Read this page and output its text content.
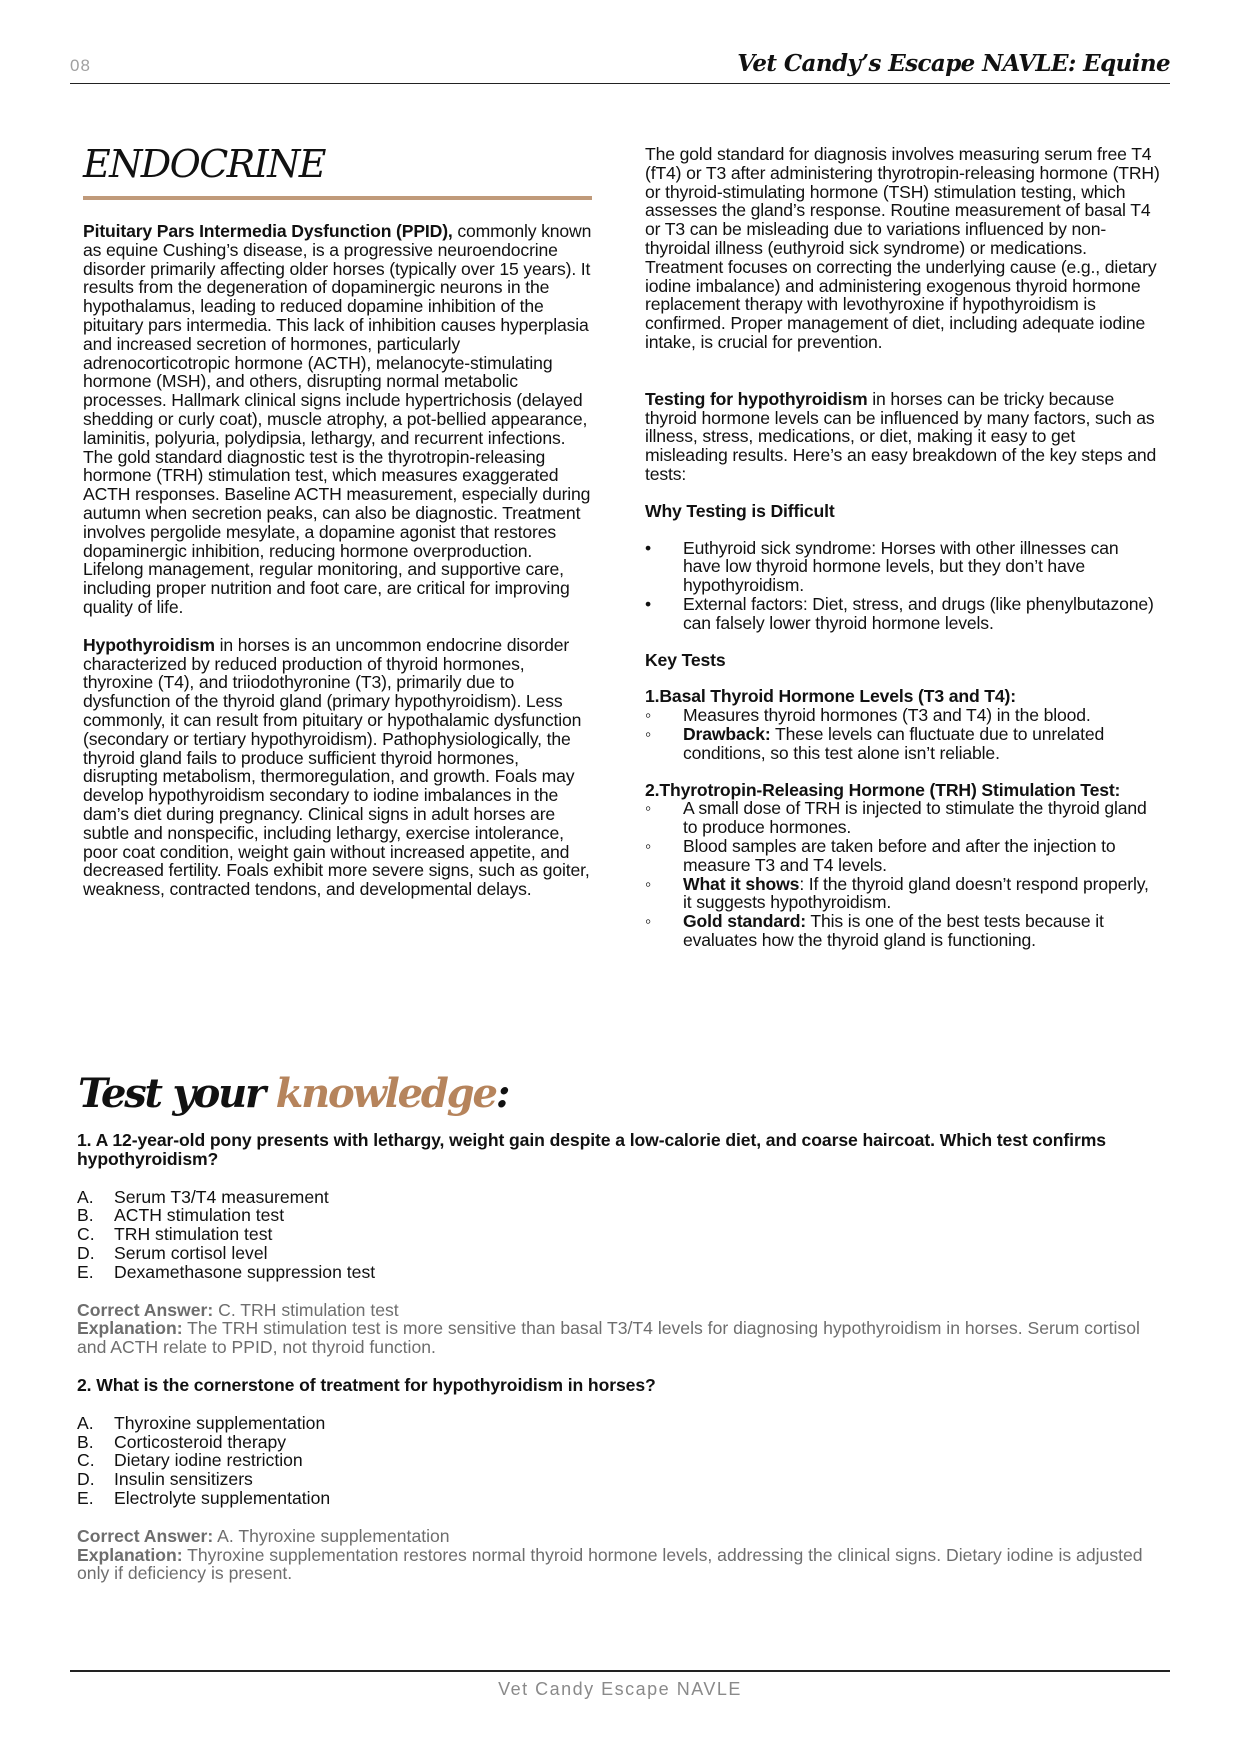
08	Vet Candy’s Escape NAVLE: Equine
ENDOCRINE

Pituitary Pars Intermedia Dysfunction (PPID), commonly known as equine Cushing’s disease, is a progressive neuroendocrine disorder primarily affecting older horses (typically over 15 years). It results from the degeneration of dopaminergic neurons in the hypothalamus, leading to reduced dopamine inhibition of the pituitary pars intermedia. This lack of inhibition causes hyperplasia and increased secretion of hormones, particularly adrenocorticotropic hormone (ACTH), melanocyte-stimulating hormone (MSH), and others, disrupting normal metabolic processes. Hallmark clinical signs include hypertrichosis (delayed shedding or curly coat), muscle atrophy, a pot-bellied appearance, laminitis, polyuria, polydipsia, lethargy, and recurrent infections. The gold standard diagnostic test is the thyrotropin-releasing hormone (TRH) stimulation test, which measures exaggerated ACTH responses. Baseline ACTH measurement, especially during autumn when secretion peaks, can also be diagnostic. Treatment involves pergolide mesylate, a dopamine agonist that restores dopaminergic inhibition, reducing hormone overproduction. Lifelong management, regular monitoring, and supportive care, including proper nutrition and foot care, are critical for improving quality of life.

Hypothyroidism in horses is an uncommon endocrine disorder characterized by reduced production of thyroid hormones, thyroxine (T4), and triiodothyronine (T3), primarily due to dysfunction of the thyroid gland (primary hypothyroidism). Less commonly, it can result from pituitary or hypothalamic dysfunction (secondary or tertiary hypothyroidism). Pathophysiologically, the thyroid gland fails to produce sufficient thyroid hormones, disrupting metabolism, thermoregulation, and growth. Foals may develop hypothyroidism secondary to iodine imbalances in the dam’s diet during pregnancy. Clinical signs in adult horses are subtle and nonspecific, including lethargy, exercise intolerance, poor coat condition, weight gain without increased appetite, and decreased fertility. Foals exhibit more severe signs, such as goiter, weakness, contracted tendons, and developmental delays.

The gold standard for diagnosis involves measuring serum free T4 (fT4) or T3 after administering thyrotropin-releasing hormone (TRH) or thyroid-stimulating hormone (TSH) stimulation testing, which assesses the gland’s response. Routine measurement of basal T4 or T3 can be misleading due to variations influenced by non-thyroidal illness (euthyroid sick syndrome) or medications. Treatment focuses on correcting the underlying cause (e.g., dietary iodine imbalance) and administering exogenous thyroid hormone replacement therapy with levothyroxine if hypothyroidism is confirmed. Proper management of diet, including adequate iodine intake, is crucial for prevention.

Testing for hypothyroidism in horses can be tricky because thyroid hormone levels can be influenced by many factors, such as illness, stress, medications, or diet, making it easy to get misleading results. Here’s an easy breakdown of the key steps and tests:

Why Testing is Difficult

• Euthyroid sick syndrome: Horses with other illnesses can have low thyroid hormone levels, but they don’t have hypothyroidism.
• External factors: Diet, stress, and drugs (like phenylbutazone) can falsely lower thyroid hormone levels.

Key Tests

1.Basal Thyroid Hormone Levels (T3 and T4):

◦ Measures thyroid hormones (T3 and T4) in the blood.
◦ Drawback: These levels can fluctuate due to unrelated conditions, so this test alone isn’t reliable.

2.Thyrotropin-Releasing Hormone (TRH) Stimulation Test:

◦ A small dose of TRH is injected to stimulate the thyroid gland to produce hormones.
◦ Blood samples are taken before and after the injection to measure T3 and T4 levels.
◦ What it shows: If the thyroid gland doesn’t respond properly, it suggests hypothyroidism.
◦ Gold standard: This is one of the best tests because it evaluates how the thyroid gland is functioning.
Test your knowledge:

1. A 12-year-old pony presents with lethargy, weight gain despite a low-calorie diet, and coarse haircoat. Which test confirms hypothyroidism?

A. Serum T3/T4 measurement
B. ACTH stimulation test
C. TRH stimulation test
D. Serum cortisol level
E. Dexamethasone suppression test

Correct Answer: C. TRH stimulation test

Explanation: The TRH stimulation test is more sensitive than basal T3/T4 levels for diagnosing hypothyroidism in horses. Serum cortisol and ACTH relate to PPID, not thyroid function.

2. What is the cornerstone of treatment for hypothyroidism in horses?

A. Thyroxine supplementation
B. Corticosteroid therapy
C. Dietary iodine restriction
D. Insulin sensitizers
E. Electrolyte supplementation

Correct Answer: A. Thyroxine supplementation

Explanation: Thyroxine supplementation restores normal thyroid hormone levels, addressing the clinical signs. Dietary iodine is adjusted only if deficiency is present.

Vet Candy Escape NAVLE
